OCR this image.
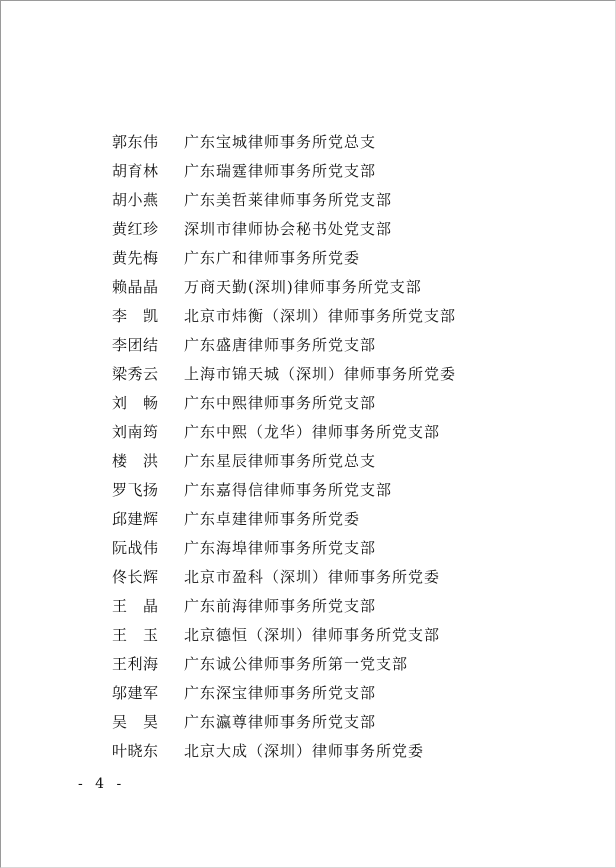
郭东伟	广东宝城律师事务所党总支
胡育林	广东瑞霆律师事务所党支部
胡小燕	广东美哲莱律师事务所党支部
黄红珍	深圳市律师协会秘书处党支部
黄先梅	广东广和律师事务所党委
赖晶晶	万商天勤(深圳)律师事务所党支部
李　凯	北京市炜衡（深圳）律师事务所党支部
李团结	广东盛唐律师事务所党支部
梁秀云	上海市锦天城（深圳）律师事务所党委
刘　畅	广东中熙律师事务所党支部
刘南筠	广东中熙（龙华）律师事务所党支部
楼　洪	广东星辰律师事务所党总支
罗飞扬	广东嘉得信律师事务所党支部
邱建辉	广东卓建律师事务所党委
阮战伟	广东海埠律师事务所党支部
佟长辉	北京市盈科（深圳）律师事务所党委
王　晶	广东前海律师事务所党支部
王　玉	北京德恒（深圳）律师事务所党支部
王利海	广东诚公律师事务所第一党支部
邬建军	广东深宝律师事务所党支部
吴　昊	广东瀛尊律师事务所党支部
叶晓东	北京大成（深圳）律师事务所党委
- 4 -
